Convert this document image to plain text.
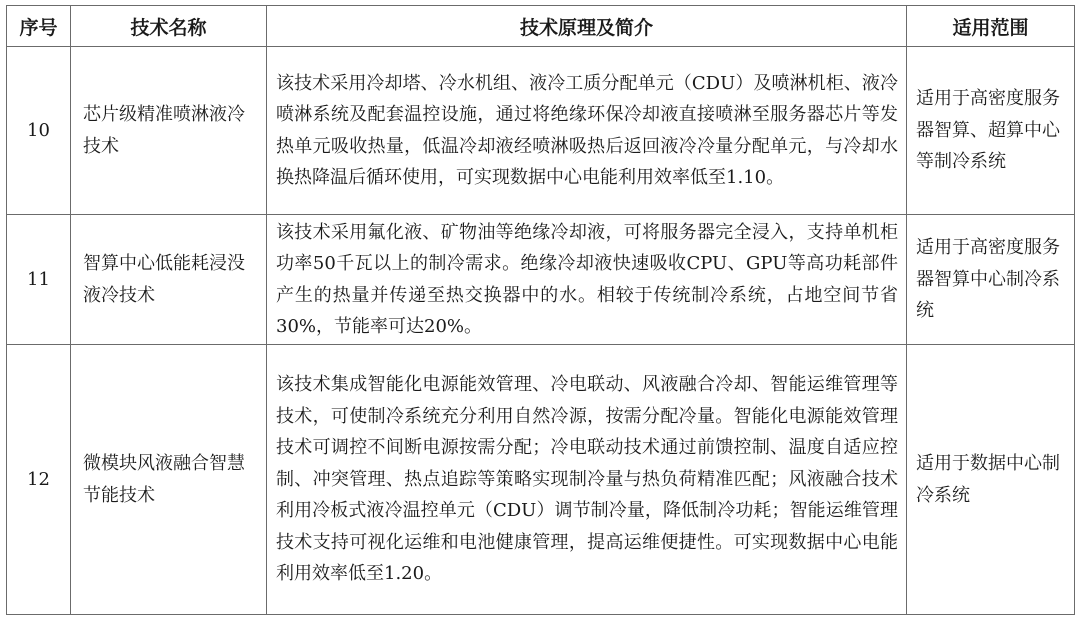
序号	技术名称	技术原理及简介	适用范围
10	芯片级精准喷淋液冷技术	该技术采用冷却塔、冷水机组、液冷工质分配单元（CDU）及喷淋机柜、液冷喷淋系统及配套温控设施，通过将绝缘环保冷却液直接喷淋至服务器芯片等发热单元吸收热量，低温冷却液经喷淋吸热后返回液冷冷量分配单元，与冷却水换热降温后循环使用，可实现数据中心电能利用效率低至1.10。	适用于高密度服务器智算、超算中心等制冷系统
11	智算中心低能耗浸没液冷技术	该技术采用氟化液、矿物油等绝缘冷却液，可将服务器完全浸入，支持单机柜功率50千瓦以上的制冷需求。绝缘冷却液快速吸收CPU、GPU等高功耗部件产生的热量并传递至热交换器中的水。相较于传统制冷系统，占地空间节省30%，节能率可达20%。	适用于高密度服务器智算中心制冷系统
12	微模块风液融合智慧节能技术	该技术集成智能化电源能效管理、冷电联动、风液融合冷却、智能运维管理等技术，可使制冷系统充分利用自然冷源，按需分配冷量。智能化电源能效管理技术可调控不间断电源按需分配；冷电联动技术通过前馈控制、温度自适应控制、冲突管理、热点追踪等策略实现制冷量与热负荷精准匹配；风液融合技术利用冷板式液冷温控单元（CDU）调节制冷量，降低制冷功耗；智能运维管理技术支持可视化运维和电池健康管理，提高运维便捷性。可实现数据中心电能利用效率低至1.20。	适用于数据中心制冷系统
